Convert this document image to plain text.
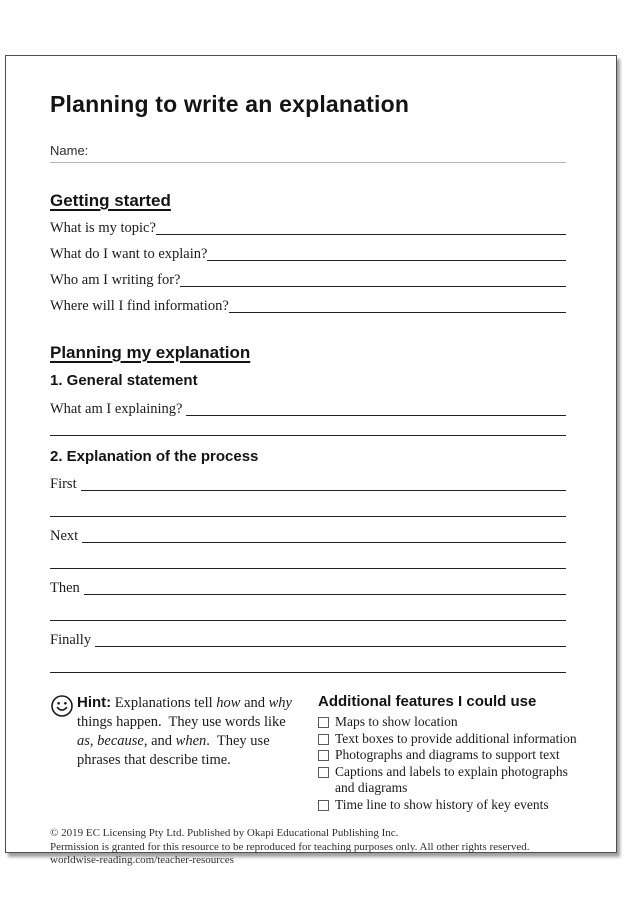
Planning to write an explanation
Name:
Getting started
What is my topic?
What do I want to explain?
Who am I writing for?
Where will I find information?
Planning my explanation
1. General statement
What am I explaining?
2. Explanation of the process
First
Next
Then
Finally
Hint: Explanations tell how and why things happen.  They use words like as, because, and when.  They use phrases that describe time.
Additional features I could use
Maps to show location
Text boxes to provide additional information
Photographs and diagrams to support text
Captions and labels to explain photographs and diagrams
Time line to show history of key events
© 2019 EC Licensing Pty Ltd. Published by Okapi Educational Publishing Inc.
Permission is granted for this resource to be reproduced for teaching purposes only. All other rights reserved.
worldwise-reading.com/teacher-resources
